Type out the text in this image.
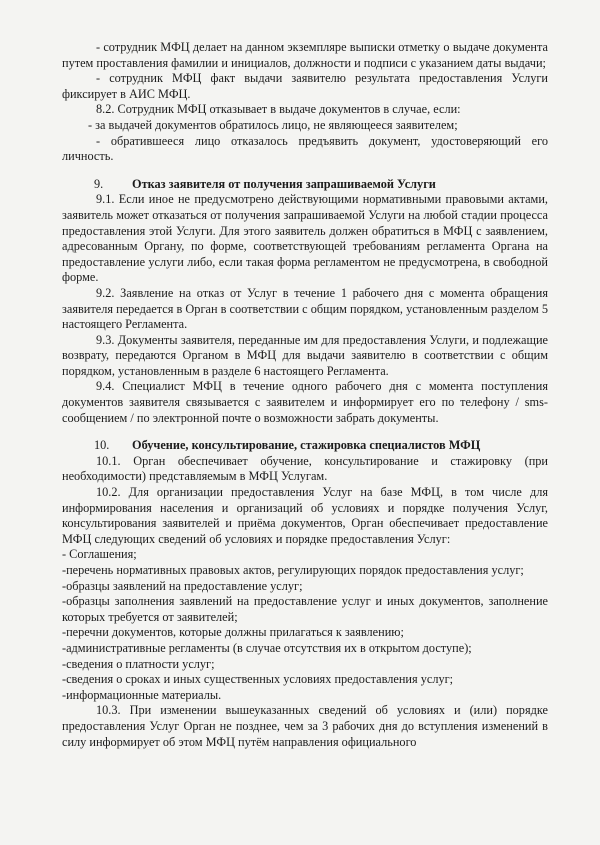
- сотрудник МФЦ делает на данном экземпляре выписки отметку о выдаче документа путем проставления фамилии и инициалов, должности и подписи с указанием даты выдачи;

- сотрудник МФЦ факт выдачи заявителю результата предоставления Услуги фиксирует в АИС МФЦ.

8.2. Сотрудник МФЦ отказывает в выдаче документов в случае, если:

- за выдачей документов обратилось лицо, не являющееся заявителем;

- обратившееся лицо отказалось предъявить документ, удостоверяющий его личность.

9. Отказ заявителя от получения запрашиваемой Услуги

9.1. Если иное не предусмотрено действующими нормативными правовыми актами, заявитель может отказаться от получения запрашиваемой Услуги на любой стадии процесса предоставления этой Услуги. Для этого заявитель должен обратиться в МФЦ с заявлением, адресованным Органу, по форме, соответствующей требованиям регламента Органа на предоставление услуги либо, если такая форма регламентом не предусмотрена, в свободной форме.

9.2. Заявление на отказ от Услуг в течение 1 рабочего дня с момента обращения заявителя передается в Орган в соответствии с общим порядком, установленным разделом 5 настоящего Регламента.

9.3. Документы заявителя, переданные им для предоставления Услуги, и подлежащие возврату, передаются Органом в МФЦ для выдачи заявителю в соответствии с общим порядком, установленным в разделе 6 настоящего Регламента.

9.4. Специалист МФЦ в течение одного рабочего дня с момента поступления документов заявителя связывается с заявителем и информирует его по телефону / sms-сообщением / по электронной почте о возможности забрать документы.

10. Обучение, консультирование, стажировка специалистов МФЦ

10.1. Орган обеспечивает обучение, консультирование и стажировку (при необходимости) представляемым в МФЦ Услугам.

10.2. Для организации предоставления Услуг на базе МФЦ, в том числе для информирования населения и организаций об условиях и порядке получения Услуг, консультирования заявителей и приёма документов, Орган обеспечивает предоставление МФЦ следующих сведений об условиях и порядке предоставления Услуг:

- Соглашения;

-перечень нормативных правовых актов, регулирующих порядок предоставления услуг;

-образцы заявлений на предоставление услуг;

-образцы заполнения заявлений на предоставление услуг и иных документов, заполнение которых требуется от заявителей;

-перечни документов, которые должны прилагаться к заявлению;

-административные регламенты (в случае отсутствия их в открытом доступе);

-сведения о платности услуг;

-сведения о сроках и иных существенных условиях предоставления услуг;

-информационные материалы.

10.3. При изменении вышеуказанных сведений об условиях и (или) порядке предоставления Услуг Орган не позднее, чем за 3 рабочих дня до вступления изменений в силу информирует об этом МФЦ путём направления официального
